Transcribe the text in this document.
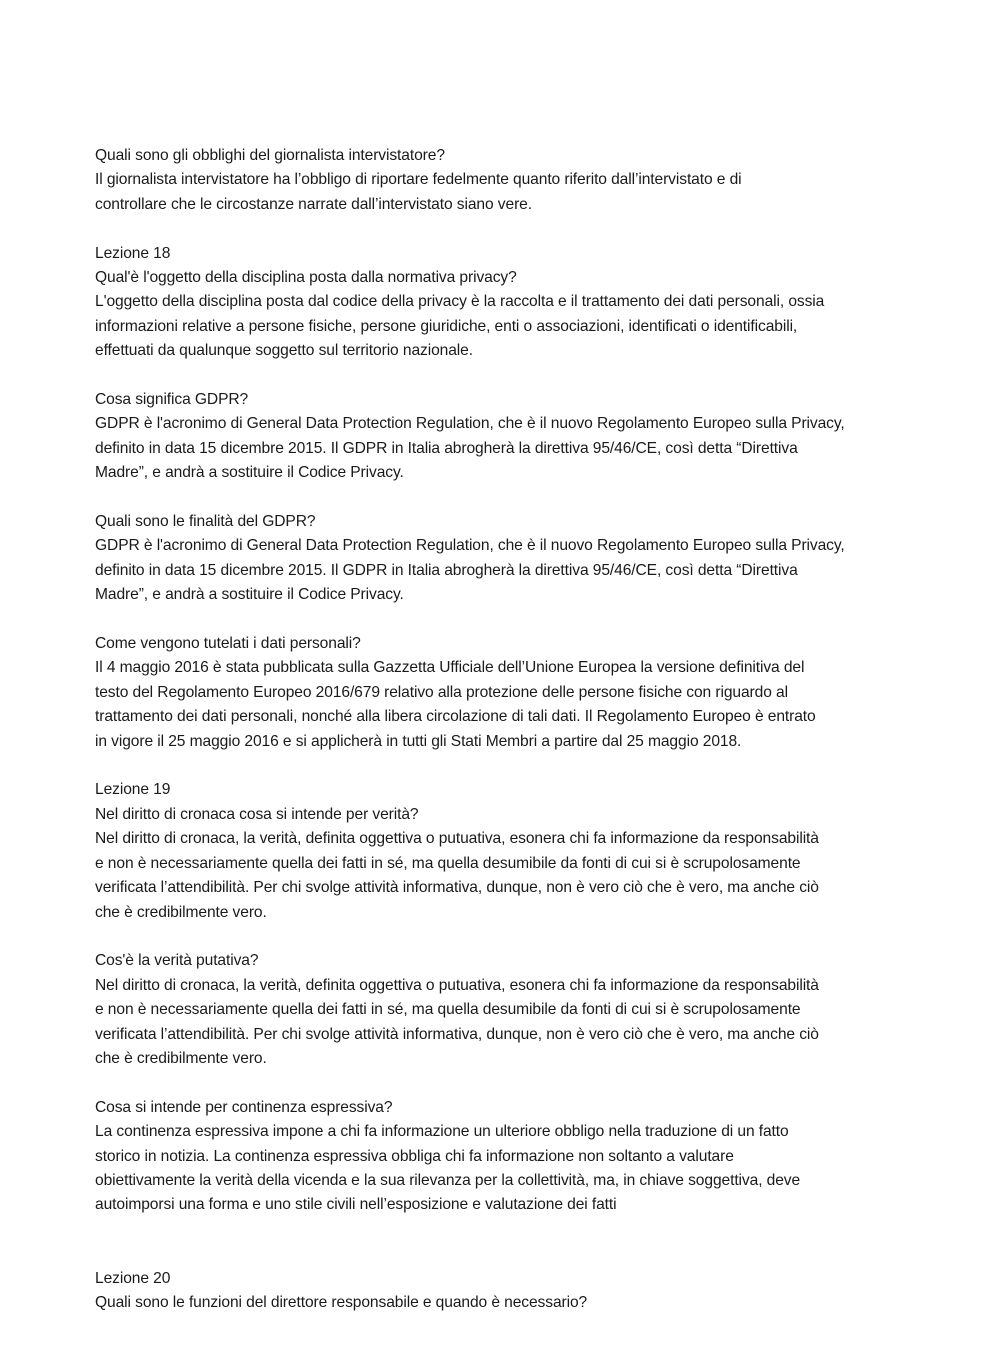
Quali sono gli obblighi del giornalista intervistatore?
Il giornalista intervistatore ha l’obbligo di riportare fedelmente quanto riferito dall’intervistato e di
controllare che le circostanze narrate dall’intervistato siano vere.
Lezione 18
Qual'è l'oggetto della disciplina posta dalla normativa privacy?
L'oggetto della disciplina posta dal codice della privacy è la raccolta e il trattamento dei dati personali, ossia
informazioni relative a persone fisiche, persone giuridiche, enti o associazioni, identificati o identificabili,
effettuati da qualunque soggetto sul territorio nazionale.
Cosa significa GDPR?
GDPR è l'acronimo di General Data Protection Regulation, che è il nuovo Regolamento Europeo sulla Privacy,
definito in data 15 dicembre 2015. Il GDPR in Italia abrogherà la direttiva 95/46/CE, così detta “Direttiva
Madre”, e andrà a sostituire il Codice Privacy.
Quali sono le finalità del GDPR?
GDPR è l'acronimo di General Data Protection Regulation, che è il nuovo Regolamento Europeo sulla Privacy,
definito in data 15 dicembre 2015. Il GDPR in Italia abrogherà la direttiva 95/46/CE, così detta “Direttiva
Madre”, e andrà a sostituire il Codice Privacy.
Come vengono tutelati i dati personali?
Il 4 maggio 2016 è stata pubblicata sulla Gazzetta Ufficiale dell’Unione Europea la versione definitiva del
testo del Regolamento Europeo 2016/679 relativo alla protezione delle persone fisiche con riguardo al
trattamento dei dati personali, nonché alla libera circolazione di tali dati. Il Regolamento Europeo è entrato
in vigore il 25 maggio 2016 e si applicherà in tutti gli Stati Membri a partire dal 25 maggio 2018.
Lezione 19
Nel diritto di cronaca cosa si intende per verità?
Nel diritto di cronaca, la verità, definita oggettiva o putuativa, esonera chi fa informazione da responsabilità
e non è necessariamente quella dei fatti in sé, ma quella desumibile da fonti di cui si è scrupolosamente
verificata l’attendibilità. Per chi svolge attività informativa, dunque, non è vero ciò che è vero, ma anche ciò
che è credibilmente vero.
Cos'è la verità putativa?
Nel diritto di cronaca, la verità, definita oggettiva o putuativa, esonera chi fa informazione da responsabilità
e non è necessariamente quella dei fatti in sé, ma quella desumibile da fonti di cui si è scrupolosamente
verificata l’attendibilità. Per chi svolge attività informativa, dunque, non è vero ciò che è vero, ma anche ciò
che è credibilmente vero.
Cosa si intende per continenza espressiva?
La continenza espressiva impone a chi fa informazione un ulteriore obbligo nella traduzione di un fatto
storico in notizia. La continenza espressiva obbliga chi fa informazione non soltanto a valutare
obiettivamente la verità della vicenda e la sua rilevanza per la collettività, ma, in chiave soggettiva, deve
autoimporsi una forma e uno stile civili nell’esposizione e valutazione dei fatti
Lezione 20
Quali sono le funzioni del direttore responsabile e quando è necessario?
